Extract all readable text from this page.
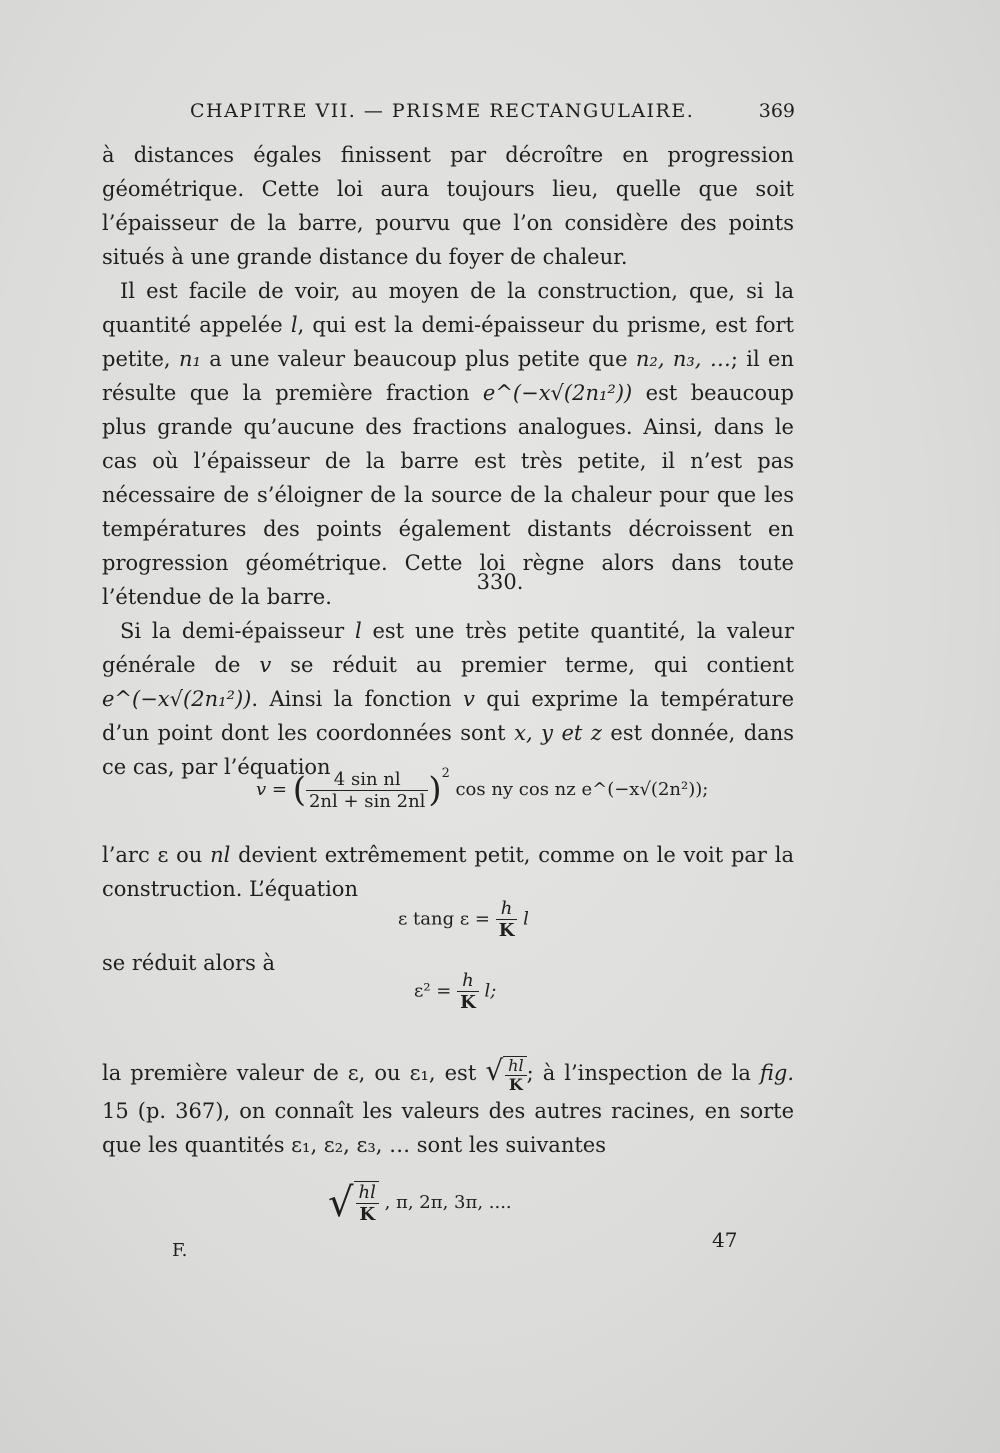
CHAPITRE VII. — PRISME RECTANGULAIRE.	369

à distances égales finissent par décroître en progression géométrique. Cette loi aura toujours lieu, quelle que soit l’épaisseur de la barre, pourvu que l’on considère des points situés à une grande distance du foyer de chaleur.

Il est facile de voir, au moyen de la construction, que, si la quantité appelée l, qui est la demi-épaisseur du prisme, est fort petite, n₁ a une valeur beaucoup plus petite que n₂, n₃, …; il en résulte que la première fraction e^(−x√(2n₁²)) est beaucoup plus grande qu’aucune des fractions analogues. Ainsi, dans le cas où l’épaisseur de la barre est très petite, il n’est pas nécessaire de s’éloigner de la source de la chaleur pour que les températures des points également distants décroissent en progression géométrique. Cette loi règne alors dans toute l’étendue de la barre.

330.

Si la demi-épaisseur l est une très petite quantité, la valeur générale de v se réduit au premier terme, qui contient e^(−x√(2n₁²)). Ainsi la fonction v qui exprime la température d’un point dont les coordonnées sont x, y et z est donnée, dans ce cas, par l’équation

v = ( $\frac{\text{4 sin nl}}{2nl + \sin 2nl} )^2$ cos ny cos nz e^(−x√(2n²));

l’arc ε ou nl devient extrêmement petit, comme on le voit par la construction. L’équation

ε tang $\varepsilon = \frac{h}{K}$ l

se réduit alors à

$\varepsilon^2 = \frac{h}{K} l$;

la première valeur de ε, ou ε₁, est √ $\frac{hl}{K}$ ; à l’inspection de la fig. 15 (p. 367), on connaît les valeurs des autres racines, en sorte que les quantités ε₁, ε₂, ε₃, … sont les suivantes

√ $\frac{hl}{K}$ , π, 2π, 3π, ....
F.	47
